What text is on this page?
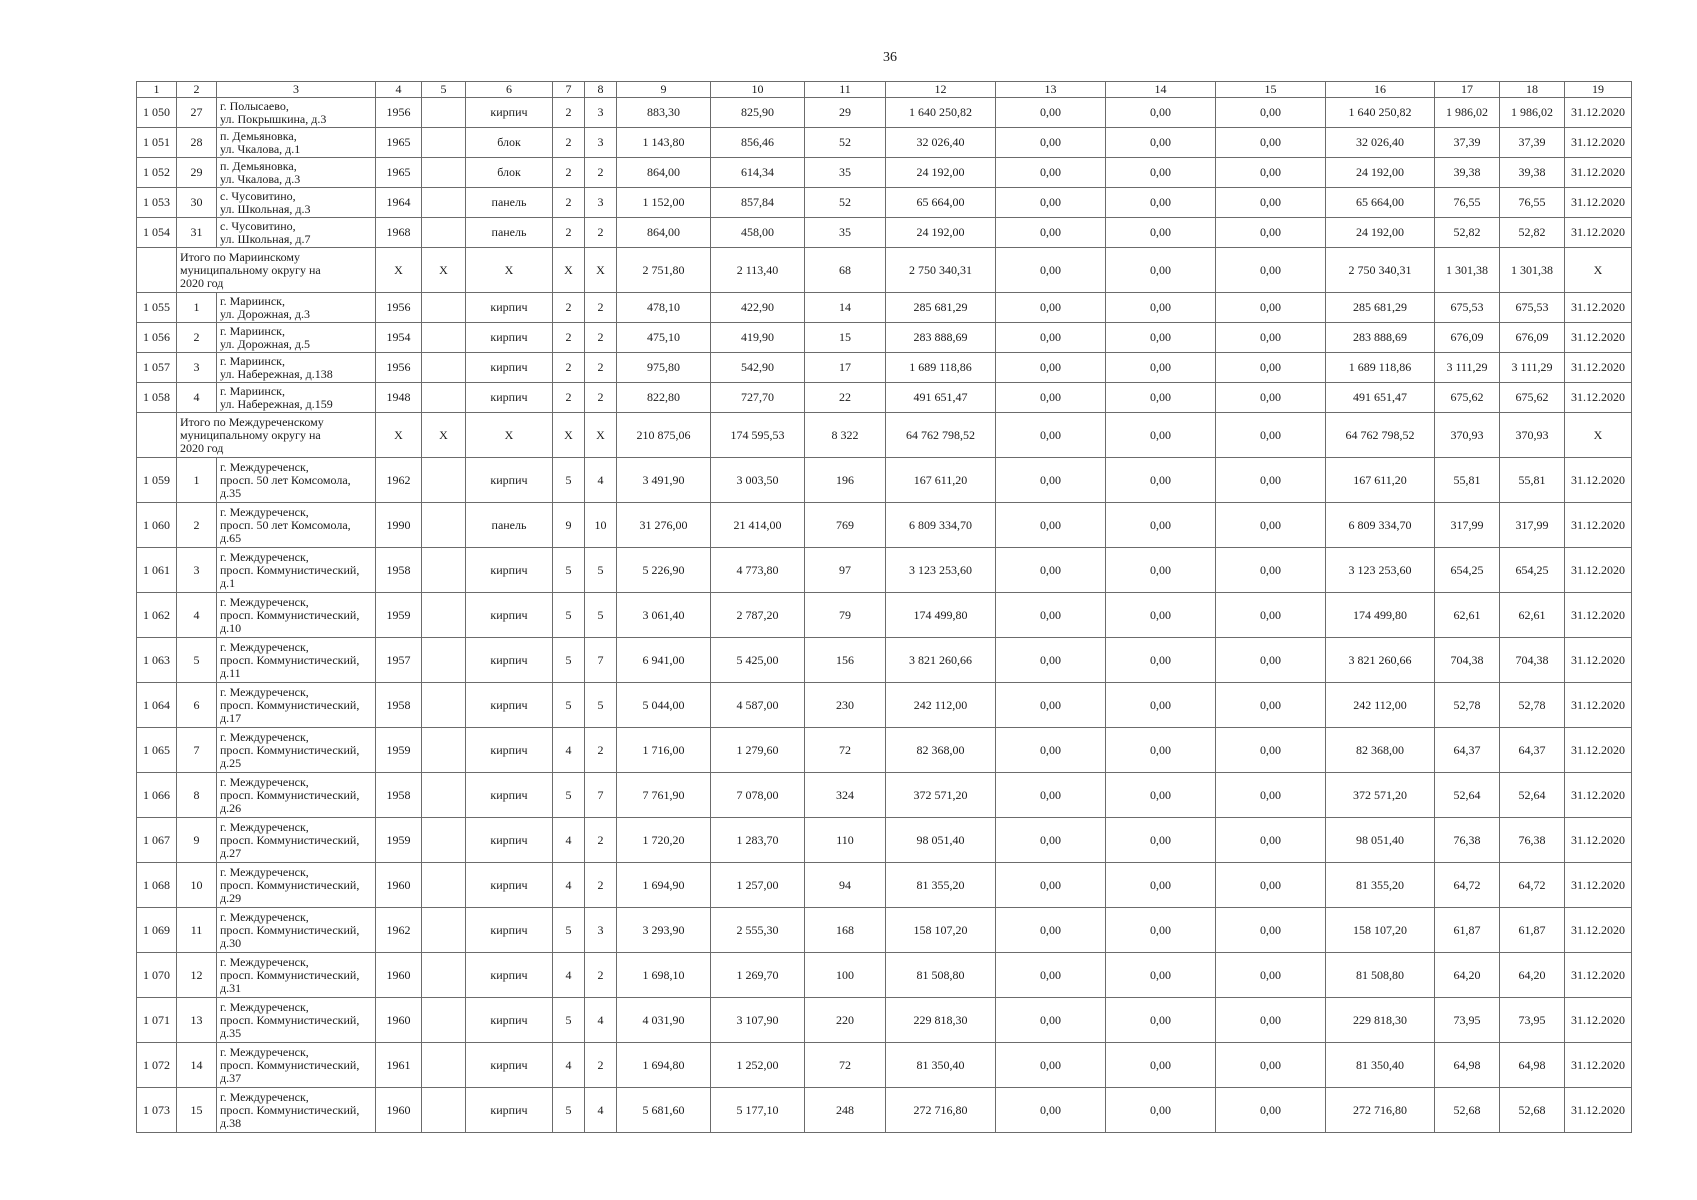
36
1	2	3	4	5	6	7	8	9	10	11	12	13	14	15	16	17	18	19
1 050	27	г. Полысаево,
ул. Покрышкина, д.3	1956		кирпич	2	3	883,30	825,90	29	1 640 250,82	0,00	0,00	0,00	1 640 250,82	1 986,02	1 986,02	31.12.2020
1 051	28	п. Демьяновка,
ул. Чкалова, д.1	1965		блок	2	3	1 143,80	856,46	52	32 026,40	0,00	0,00	0,00	32 026,40	37,39	37,39	31.12.2020
1 052	29	п. Демьяновка,
ул. Чкалова, д.3	1965		блок	2	2	864,00	614,34	35	24 192,00	0,00	0,00	0,00	24 192,00	39,38	39,38	31.12.2020
1 053	30	с. Чусовитино,
ул. Школьная, д.3	1964		панель	2	3	1 152,00	857,84	52	65 664,00	0,00	0,00	0,00	65 664,00	76,55	76,55	31.12.2020
1 054	31	с. Чусовитино,
ул. Школьная, д.7	1968		панель	2	2	864,00	458,00	35	24 192,00	0,00	0,00	0,00	24 192,00	52,82	52,82	31.12.2020
	Итого по Мариинскому
муниципальному округу на
2020 год		X	X	X	X	X	2 751,80	2 113,40	68	2 750 340,31	0,00	0,00	0,00	2 750 340,31	1 301,38	1 301,38	X
1 055	1	г. Мариинск,
ул. Дорожная, д.3	1956		кирпич	2	2	478,10	422,90	14	285 681,29	0,00	0,00	0,00	285 681,29	675,53	675,53	31.12.2020
1 056	2	г. Мариинск,
ул. Дорожная, д.5	1954		кирпич	2	2	475,10	419,90	15	283 888,69	0,00	0,00	0,00	283 888,69	676,09	676,09	31.12.2020
1 057	3	г. Мариинск,
ул. Набережная, д.138	1956		кирпич	2	2	975,80	542,90	17	1 689 118,86	0,00	0,00	0,00	1 689 118,86	3 111,29	3 111,29	31.12.2020
1 058	4	г. Мариинск,
ул. Набережная, д.159	1948		кирпич	2	2	822,80	727,70	22	491 651,47	0,00	0,00	0,00	491 651,47	675,62	675,62	31.12.2020
	Итого по Междуреченскому
муниципальному округу на
2020 год		X	X	X	X	X	210 875,06	174 595,53	8 322	64 762 798,52	0,00	0,00	0,00	64 762 798,52	370,93	370,93	X
1 059	1	г. Междуреченск,
просп. 50 лет Комсомола,
д.35	1962		кирпич	5	4	3 491,90	3 003,50	196	167 611,20	0,00	0,00	0,00	167 611,20	55,81	55,81	31.12.2020
1 060	2	г. Междуреченск,
просп. 50 лет Комсомола,
д.65	1990		панель	9	10	31 276,00	21 414,00	769	6 809 334,70	0,00	0,00	0,00	6 809 334,70	317,99	317,99	31.12.2020
1 061	3	г. Междуреченск,
просп. Коммунистический,
д.1	1958		кирпич	5	5	5 226,90	4 773,80	97	3 123 253,60	0,00	0,00	0,00	3 123 253,60	654,25	654,25	31.12.2020
1 062	4	г. Междуреченск,
просп. Коммунистический,
д.10	1959		кирпич	5	5	3 061,40	2 787,20	79	174 499,80	0,00	0,00	0,00	174 499,80	62,61	62,61	31.12.2020
1 063	5	г. Междуреченск,
просп. Коммунистический,
д.11	1957		кирпич	5	7	6 941,00	5 425,00	156	3 821 260,66	0,00	0,00	0,00	3 821 260,66	704,38	704,38	31.12.2020
1 064	6	г. Междуреченск,
просп. Коммунистический,
д.17	1958		кирпич	5	5	5 044,00	4 587,00	230	242 112,00	0,00	0,00	0,00	242 112,00	52,78	52,78	31.12.2020
1 065	7	г. Междуреченск,
просп. Коммунистический,
д.25	1959		кирпич	4	2	1 716,00	1 279,60	72	82 368,00	0,00	0,00	0,00	82 368,00	64,37	64,37	31.12.2020
1 066	8	г. Междуреченск,
просп. Коммунистический,
д.26	1958		кирпич	5	7	7 761,90	7 078,00	324	372 571,20	0,00	0,00	0,00	372 571,20	52,64	52,64	31.12.2020
1 067	9	г. Междуреченск,
просп. Коммунистический,
д.27	1959		кирпич	4	2	1 720,20	1 283,70	110	98 051,40	0,00	0,00	0,00	98 051,40	76,38	76,38	31.12.2020
1 068	10	г. Междуреченск,
просп. Коммунистический,
д.29	1960		кирпич	4	2	1 694,90	1 257,00	94	81 355,20	0,00	0,00	0,00	81 355,20	64,72	64,72	31.12.2020
1 069	11	г. Междуреченск,
просп. Коммунистический,
д.30	1962		кирпич	5	3	3 293,90	2 555,30	168	158 107,20	0,00	0,00	0,00	158 107,20	61,87	61,87	31.12.2020
1 070	12	г. Междуреченск,
просп. Коммунистический,
д.31	1960		кирпич	4	2	1 698,10	1 269,70	100	81 508,80	0,00	0,00	0,00	81 508,80	64,20	64,20	31.12.2020
1 071	13	г. Междуреченск,
просп. Коммунистический,
д.35	1960		кирпич	5	4	4 031,90	3 107,90	220	229 818,30	0,00	0,00	0,00	229 818,30	73,95	73,95	31.12.2020
1 072	14	г. Междуреченск,
просп. Коммунистический,
д.37	1961		кирпич	4	2	1 694,80	1 252,00	72	81 350,40	0,00	0,00	0,00	81 350,40	64,98	64,98	31.12.2020
1 073	15	г. Междуреченск,
просп. Коммунистический,
д.38	1960		кирпич	5	4	5 681,60	5 177,10	248	272 716,80	0,00	0,00	0,00	272 716,80	52,68	52,68	31.12.2020
